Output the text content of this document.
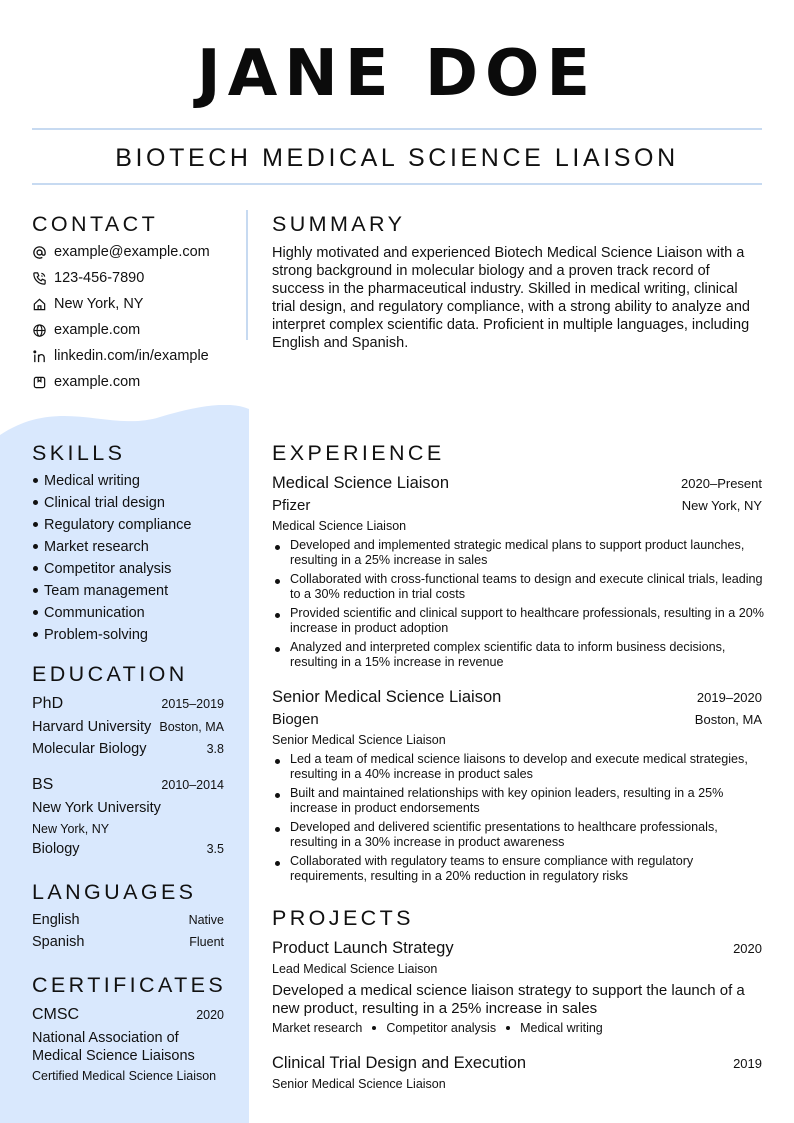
JANE DOE
BIOTECH MEDICAL SCIENCE LIAISON
CONTACT
example@example.com
123-456-7890
New York, NY
example.com
linkedin.com/in/example
example.com
SKILLS
Medical writing
Clinical trial design
Regulatory compliance
Market research
Competitor analysis
Team management
Communication
Problem-solving
EDUCATION
PhD	2015–2019
Harvard University Boston, MA
Molecular Biology	3.8
BS	2010–2014
New York University
New York, NY
Biology	3.5
LANGUAGES
English	Native
Spanish	Fluent
CERTIFICATES
CMSC	2020
National Association of Medical Science Liaisons
Certified Medical Science Liaison
SUMMARY
Highly motivated and experienced Biotech Medical Science Liaison with a strong background in molecular biology and a proven track record of success in the pharmaceutical industry. Skilled in medical writing, clinical trial design, and regulatory compliance, with a strong ability to analyze and interpret complex scientific data. Proficient in multiple languages, including English and Spanish.
EXPERIENCE
Medical Science Liaison	2020–Present
Pfizer	New York, NY
Medical Science Liaison
Developed and implemented strategic medical plans to support product launches, resulting in a 25% increase in sales
Collaborated with cross-functional teams to design and execute clinical trials, leading to a 30% reduction in trial costs
Provided scientific and clinical support to healthcare professionals, resulting in a 20% increase in product adoption
Analyzed and interpreted complex scientific data to inform business decisions, resulting in a 15% increase in revenue
Senior Medical Science Liaison	2019–2020
Biogen	Boston, MA
Senior Medical Science Liaison
Led a team of medical science liaisons to develop and execute medical strategies, resulting in a 40% increase in product sales
Built and maintained relationships with key opinion leaders, resulting in a 25% increase in product endorsements
Developed and delivered scientific presentations to healthcare professionals, resulting in a 30% increase in product awareness
Collaborated with regulatory teams to ensure compliance with regulatory requirements, resulting in a 20% reduction in regulatory risks
PROJECTS
Product Launch Strategy	2020
Lead Medical Science Liaison
Developed a medical science liaison strategy to support the launch of a new product, resulting in a 25% increase in sales
Market research Competitor analysis Medical writing
Clinical Trial Design and Execution	2019
Senior Medical Science Liaison
